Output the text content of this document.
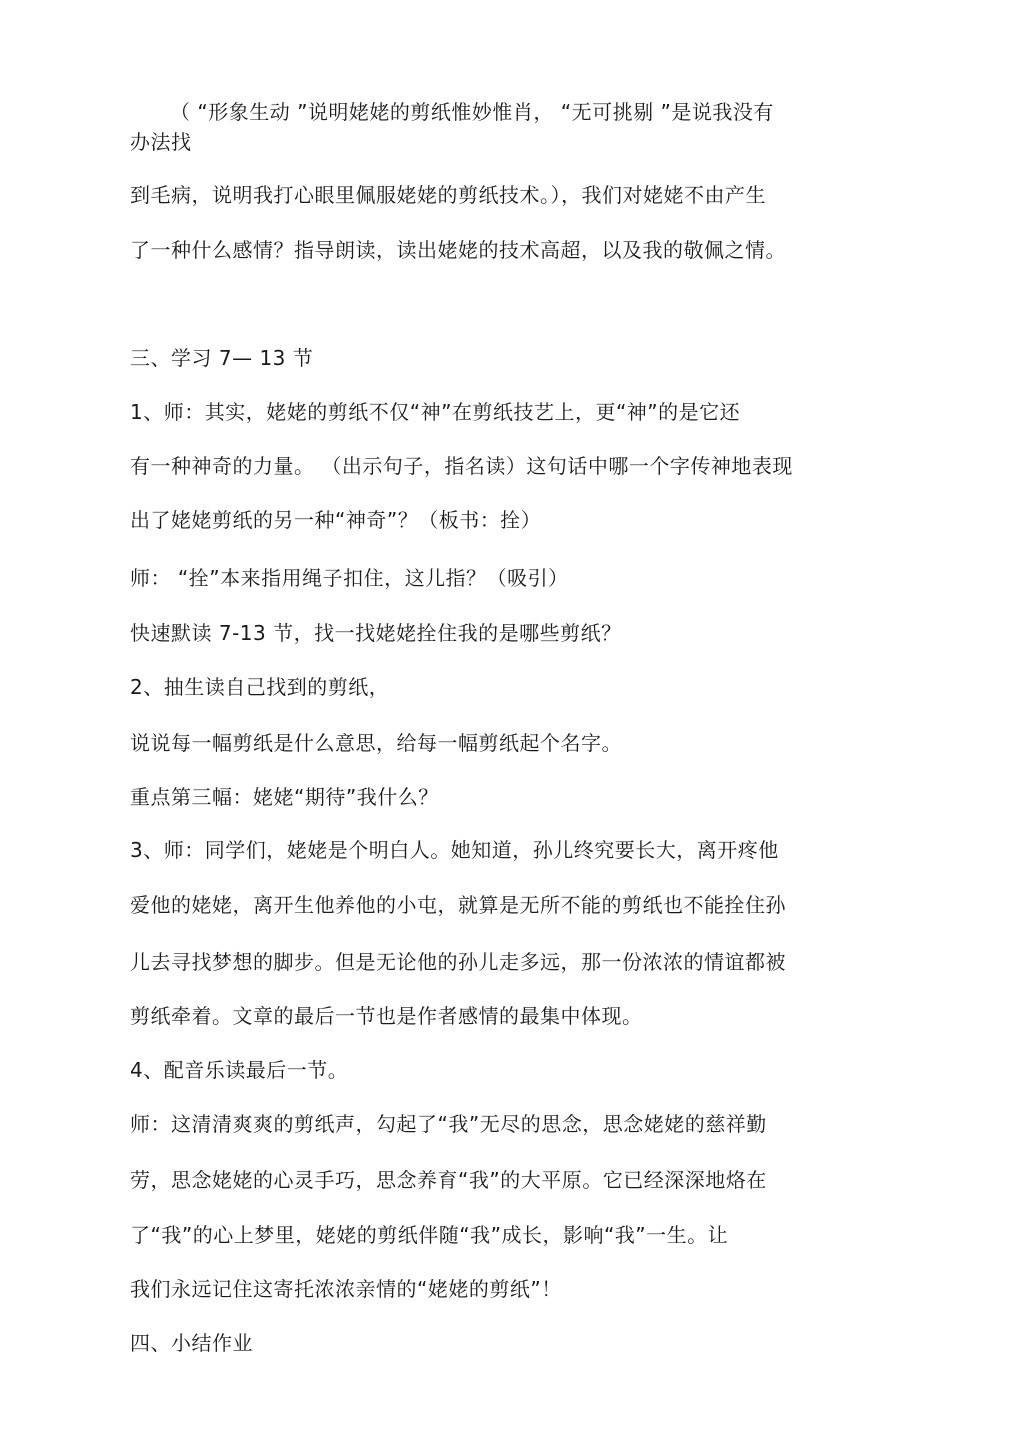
（ “形象生动 ”说明姥姥的剪纸惟妙惟肖， “无可挑剔 ”是说我没有
办法找
到毛病，说明我打心眼里佩服姥姥的剪纸技术。），我们对姥姥不由产生
了一种什么感情？指导朗读，读出姥姥的技术高超，以及我的敬佩之情。
三、学习 7— 13 节
1、师：其实，姥姥的剪纸不仅“神”在剪纸技艺上，更“神”的是它还
有一种神奇的力量。 （出示句子，指名读）这句话中哪一个字传神地表现
出了姥姥剪纸的另一种“神奇”？（板书：拴）
师： “拴”本来指用绳子扣住，这儿指？（吸引）
快速默读 7-13 节，找一找姥姥拴住我的是哪些剪纸？
2、抽生读自己找到的剪纸，
说说每一幅剪纸是什么意思，给每一幅剪纸起个名字。
重点第三幅：姥姥“期待”我什么？
3、师：同学们，姥姥是个明白人。她知道，孙儿终究要长大，离开疼他
爱他的姥姥，离开生他养他的小屯，就算是无所不能的剪纸也不能拴住孙
儿去寻找梦想的脚步。但是无论他的孙儿走多远，那一份浓浓的情谊都被
剪纸牵着。文章的最后一节也是作者感情的最集中体现。
4、配音乐读最后一节。
师：这清清爽爽的剪纸声，勾起了“我”无尽的思念，思念姥姥的慈祥勤
劳，思念姥姥的心灵手巧，思念养育“我”的大平原。它已经深深地烙在
了“我”的心上梦里，姥姥的剪纸伴随“我”成长，影响“我”一生。让
我们永远记住这寄托浓浓亲情的“姥姥的剪纸”！
四、小结作业
